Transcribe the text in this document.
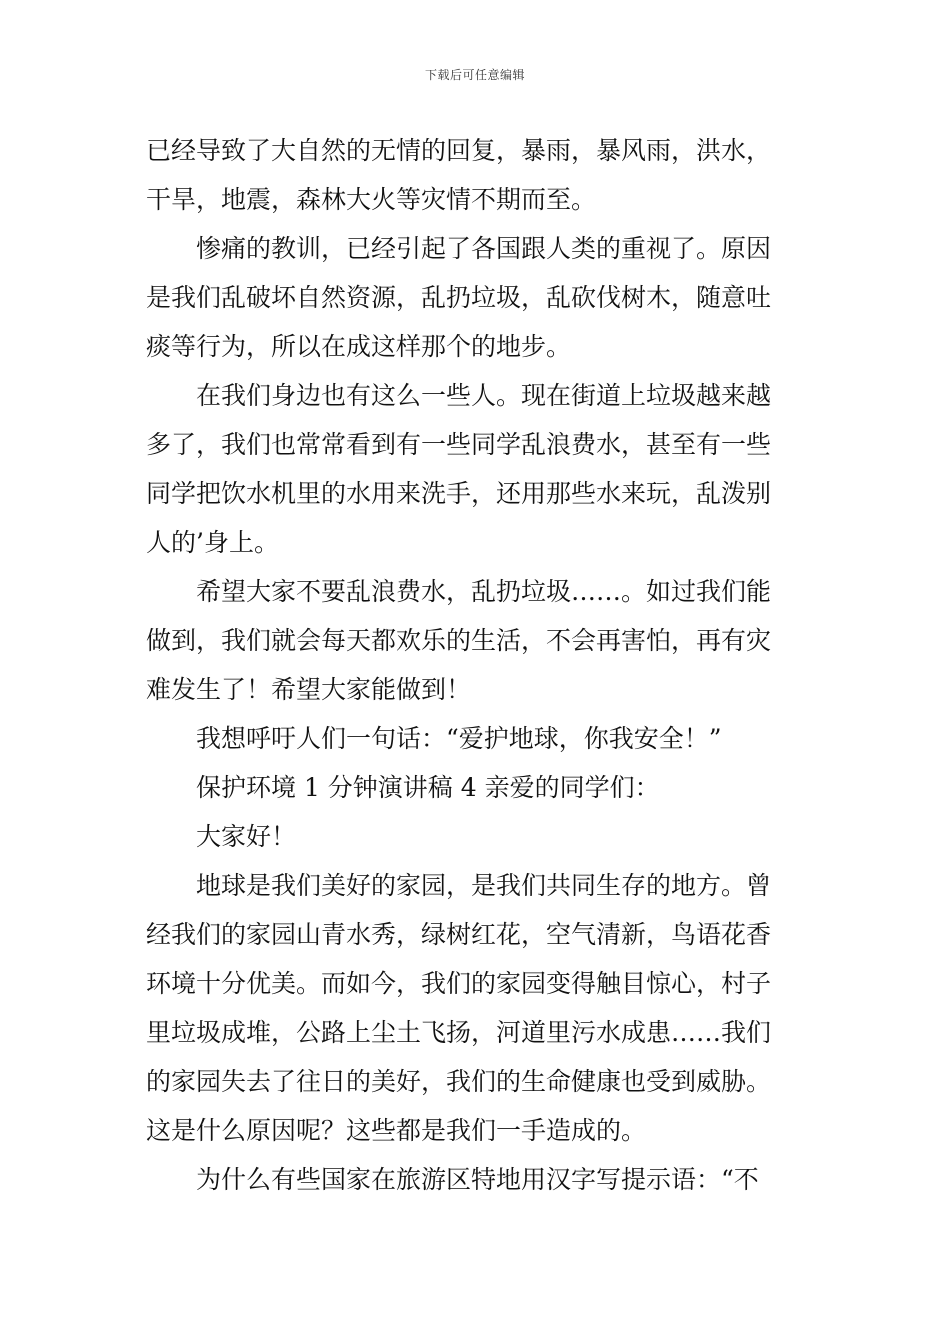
下载后可任意编辑
已经导致了大自然的无情的回复，暴雨，暴风雨，洪水，
干旱，地震，森林大火等灾情不期而至。
惨痛的教训，已经引起了各国跟人类的重视了。原因
是我们乱破坏自然资源，乱扔垃圾，乱砍伐树木，随意吐
痰等行为，所以在成这样那个的地步。
在我们身边也有这么一些人。现在街道上垃圾越来越
多了，我们也常常看到有一些同学乱浪费水，甚至有一些
同学把饮水机里的水用来洗手，还用那些水来玩，乱泼别
人的’身上。
希望大家不要乱浪费水，乱扔垃圾……。如过我们能
做到，我们就会每天都欢乐的生活，不会再害怕，再有灾
难发生了！希望大家能做到！
我想呼吁人们一句话：“爱护地球，你我安全！”
保护环境 1 分钟演讲稿 4 亲爱的同学们：
大家好！
地球是我们美好的家园，是我们共同生存的地方。曾
经我们的家园山青水秀，绿树红花，空气清新，鸟语花香
环境十分优美。而如今，我们的家园变得触目惊心，村子
里垃圾成堆，公路上尘土飞扬，河道里污水成患……我们
的家园失去了往日的美好，我们的生命健康也受到威胁。
这是什么原因呢？这些都是我们一手造成的。
为什么有些国家在旅游区特地用汉字写提示语：“不
